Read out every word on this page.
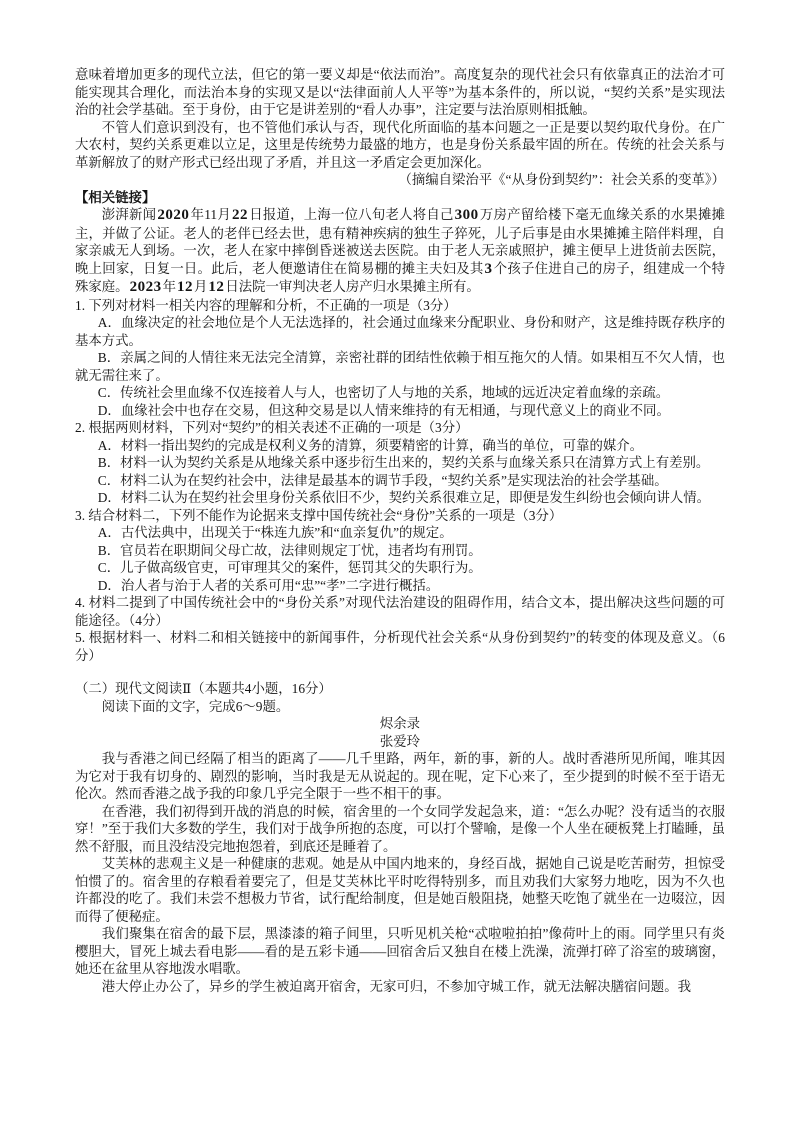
意味着增加更多的现代立法，但它的第一要义却是“依法而治”。高度复杂的现代社会只有依靠真正的法治才可能实现其合理化，而法治本身的实现又是以“法律面前人人平等”为基本条件的，所以说，“契约关系”是实现法治的社会学基础。至于身份，由于它是讲差别的“看人办事”，注定要与法治原则相抵触。

不管人们意识到没有，也不管他们承认与否，现代化所面临的基本问题之一正是要以契约取代身份。在广大农村，契约关系更难以立足，这里是传统势力最盛的地方，也是身份关系最牢固的所在。传统的社会关系与革新解放了的财产形式已经出现了矛盾，并且这一矛盾定会更加深化。

（摘编自梁治平《“从身份到契约”：社会关系的变革》）

【相关链接】

澎湃新闻2020年11月22日报道，上海一位八旬老人将自己300万房产留给楼下毫无血缘关系的水果摊摊主，并做了公证。老人的老伴已经去世，患有精神疾病的独生子猝死，儿子后事是由水果摊摊主陪伴料理，自家亲戚无人到场。一次，老人在家中摔倒昏迷被送去医院。由于老人无亲戚照护，摊主便早上进货前去医院，晚上回家，日复一日。此后，老人便邀请住在简易棚的摊主夫妇及其3个孩子住进自己的房子，组建成一个特殊家庭。2023年12月12日法院一审判决老人房产归水果摊主所有。

1. 下列对材料一相关内容的理解和分析，不正确的一项是（3分）

A．血缘决定的社会地位是个人无法选择的，社会通过血缘来分配职业、身份和财产，这是维持既存秩序的基本方式。

B．亲属之间的人情往来无法完全清算，亲密社群的团结性依赖于相互拖欠的人情。如果相互不欠人情，也就无需往来了。

C．传统社会里血缘不仅连接着人与人，也密切了人与地的关系，地域的远近决定着血缘的亲疏。

D．血缘社会中也存在交易，但这种交易是以人情来维持的有无相通，与现代意义上的商业不同。

2. 根据两则材料，下列对“契约”的相关表述不正确的一项是（3分）

A．材料一指出契约的完成是权利义务的清算，须要精密的计算，确当的单位，可靠的媒介。

B．材料一认为契约关系是从地缘关系中逐步衍生出来的，契约关系与血缘关系只在清算方式上有差别。

C．材料二认为在契约社会中，法律是最基本的调节手段，“契约关系”是实现法治的社会学基础。

D．材料二认为在契约社会里身份关系依旧不少，契约关系很难立足，即便是发生纠纷也会倾向讲人情。

3. 结合材料二，下列不能作为论据来支撑中国传统社会“身份”关系的一项是（3分）

A．古代法典中，出现关于“株连九族”和“血亲复仇”的规定。

B．官员若在职期间父母亡故，法律则规定丁忧，违者均有刑罚。

C．儿子做高级官吏，可审理其父的案件，惩罚其父的失职行为。

D．治人者与治于人者的关系可用“忠”“孝”二字进行概括。

4. 材料二提到了中国传统社会中的“身份关系”对现代法治建设的阻碍作用，结合文本，提出解决这些问题的可能途径。（4分）

5. 根据材料一、材料二和相关链接中的新闻事件，分析现代社会关系“从身份到契约”的转变的体现及意义。（6分）

（二）现代文阅读Ⅱ（本题共4小题，16分）

阅读下面的文字，完成6～9题。

烬余录

张爱玲

我与香港之间已经隔了相当的距离了——几千里路，两年，新的事，新的人。战时香港所见所闻，唯其因为它对于我有切身的、剧烈的影响，当时我是无从说起的。现在呢，定下心来了，至少提到的时候不至于语无伦次。然而香港之战予我的印象几乎完全限于一些不相干的事。

在香港，我们初得到开战的消息的时候，宿舍里的一个女同学发起急来，道：“怎么办呢？没有适当的衣服穿！”至于我们大多数的学生，我们对于战争所抱的态度，可以打个譬喻，是像一个人坐在硬板凳上打瞌睡，虽然不舒服，而且没结没完地抱怨着，到底还是睡着了。

艾芙林的悲观主义是一种健康的悲观。她是从中国内地来的，身经百战，据她自己说是吃苦耐劳，担惊受怕惯了的。宿舍里的存粮看着要完了，但是艾芙林比平时吃得特别多，而且劝我们大家努力地吃，因为不久也许都没的吃了。我们未尝不想极力节省，试行配给制度，但是她百般阻挠，她整天吃饱了就坐在一边啜泣，因而得了便秘症。

我们聚集在宿舍的最下层，黑漆漆的箱子间里，只听见机关枪“忒啦啦拍拍”像荷叶上的雨。同学里只有炎樱胆大，冒死上城去看电影——看的是五彩卡通——回宿舍后又独自在楼上洗澡，流弹打碎了浴室的玻璃窗，她还在盆里从容地泼水唱歌。

港大停止办公了，异乡的学生被迫离开宿舍，无家可归，不参加守城工作，就无法解决膳宿问题。我
